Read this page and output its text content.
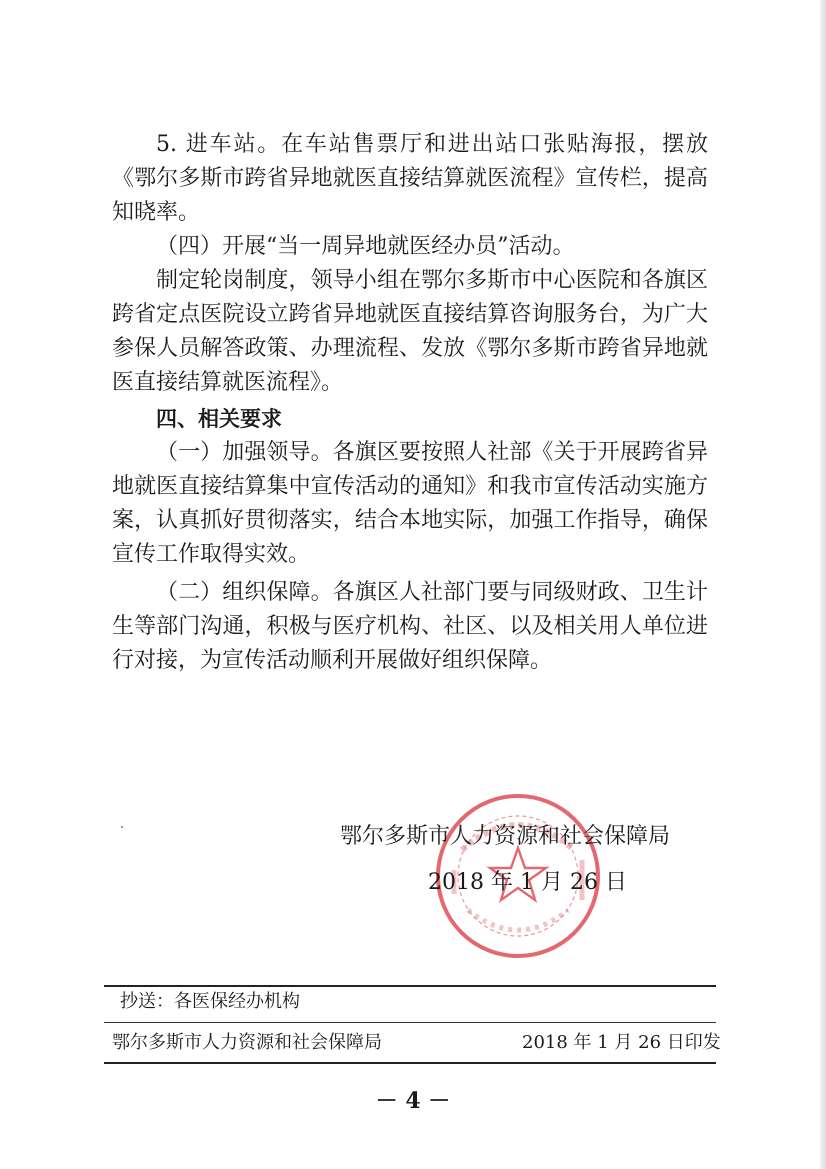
5. 进车站。在车站售票厅和进出站口张贴海报，摆放《鄂尔多斯市跨省异地就医直接结算就医流程》宣传栏，提高知晓率。

（四）开展“当一周异地就医经办员”活动。

制定轮岗制度，领导小组在鄂尔多斯市中心医院和各旗区跨省定点医院设立跨省异地就医直接结算咨询服务台，为广大参保人员解答政策、办理流程、发放《鄂尔多斯市跨省异地就医直接结算就医流程》。

四、相关要求

（一）加强领导。各旗区要按照人社部《关于开展跨省异地就医直接结算集中宣传活动的通知》和我市宣传活动实施方案，认真抓好贯彻落实，结合本地实际，加强工作指导，确保宣传工作取得实效。

（二）组织保障。各旗区人社部门要与同级财政、卫生计生等部门沟通，积极与医疗机构、社区、以及相关用人单位进行对接，为宣传活动顺利开展做好组织保障。

鄂尔多斯市人力资源和社会保障局
2018 年 1 月 26 日
抄送：各医保经办机构
鄂尔多斯市人力资源和社会保障局	2018 年 1 月 26 日印发
－ 4 －
